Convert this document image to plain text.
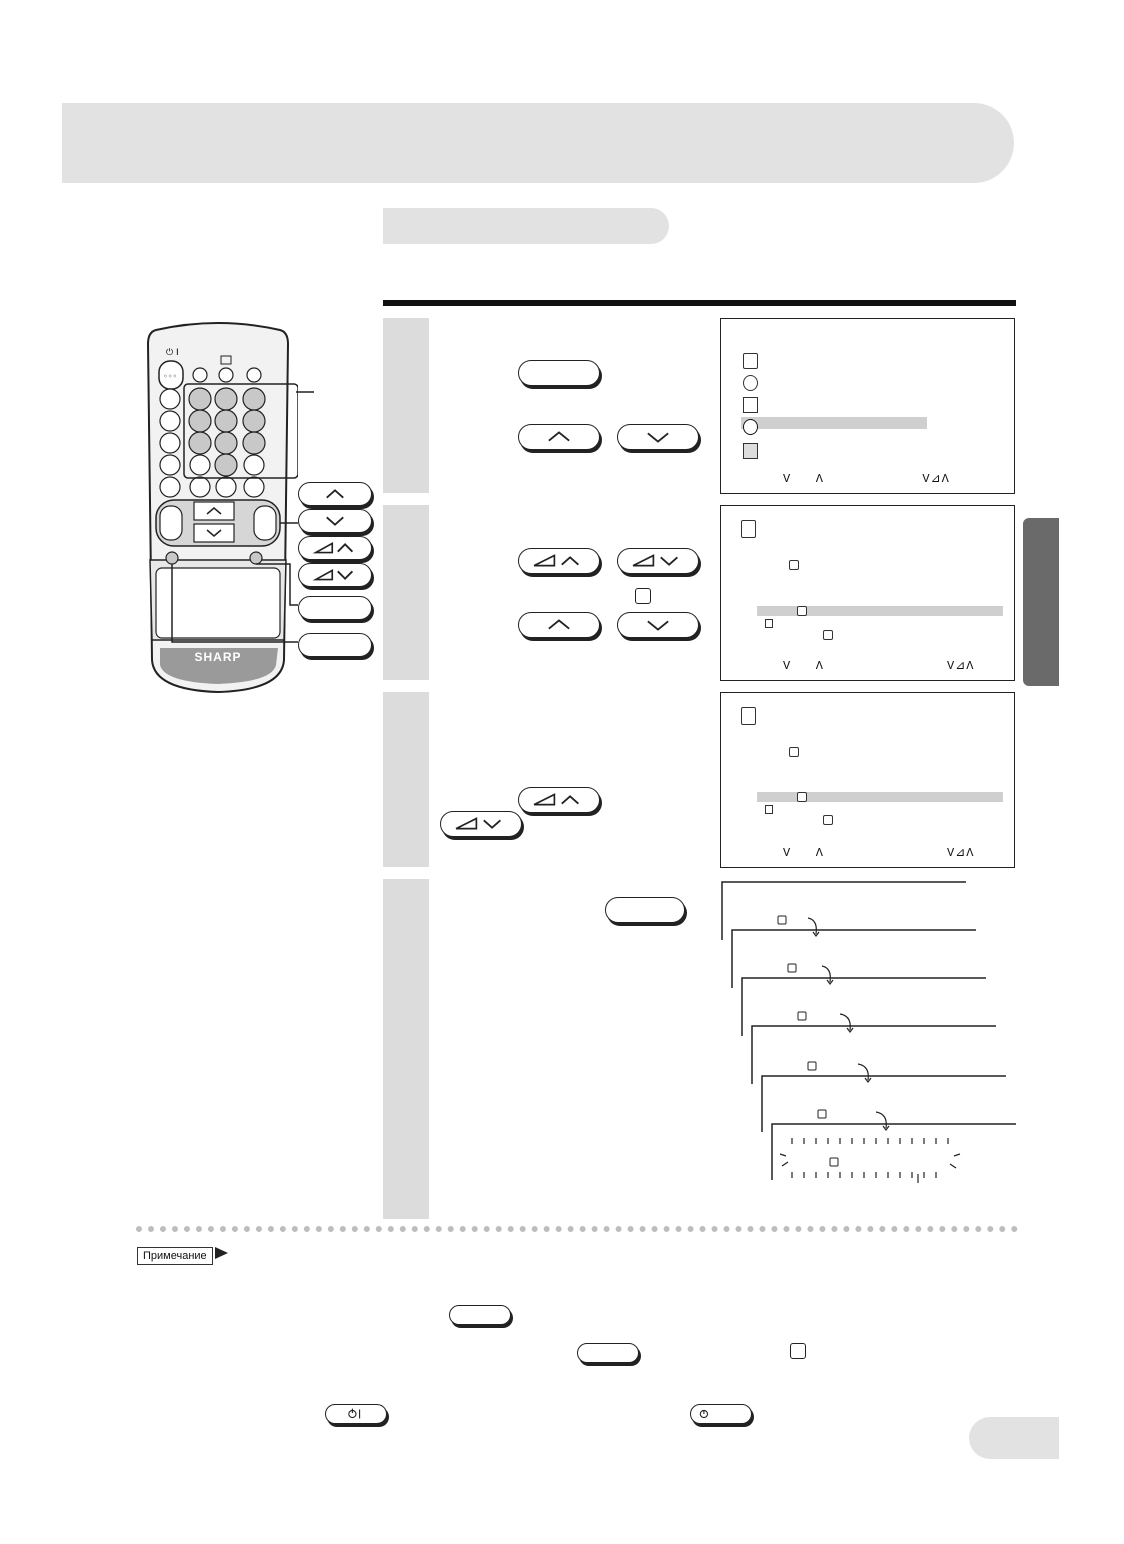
⏻ I
◦◦◦
SHARP
V   Λ            V⊿Λ
V   Λ               V⊿Λ
V   Λ               V⊿Λ
Примечание
